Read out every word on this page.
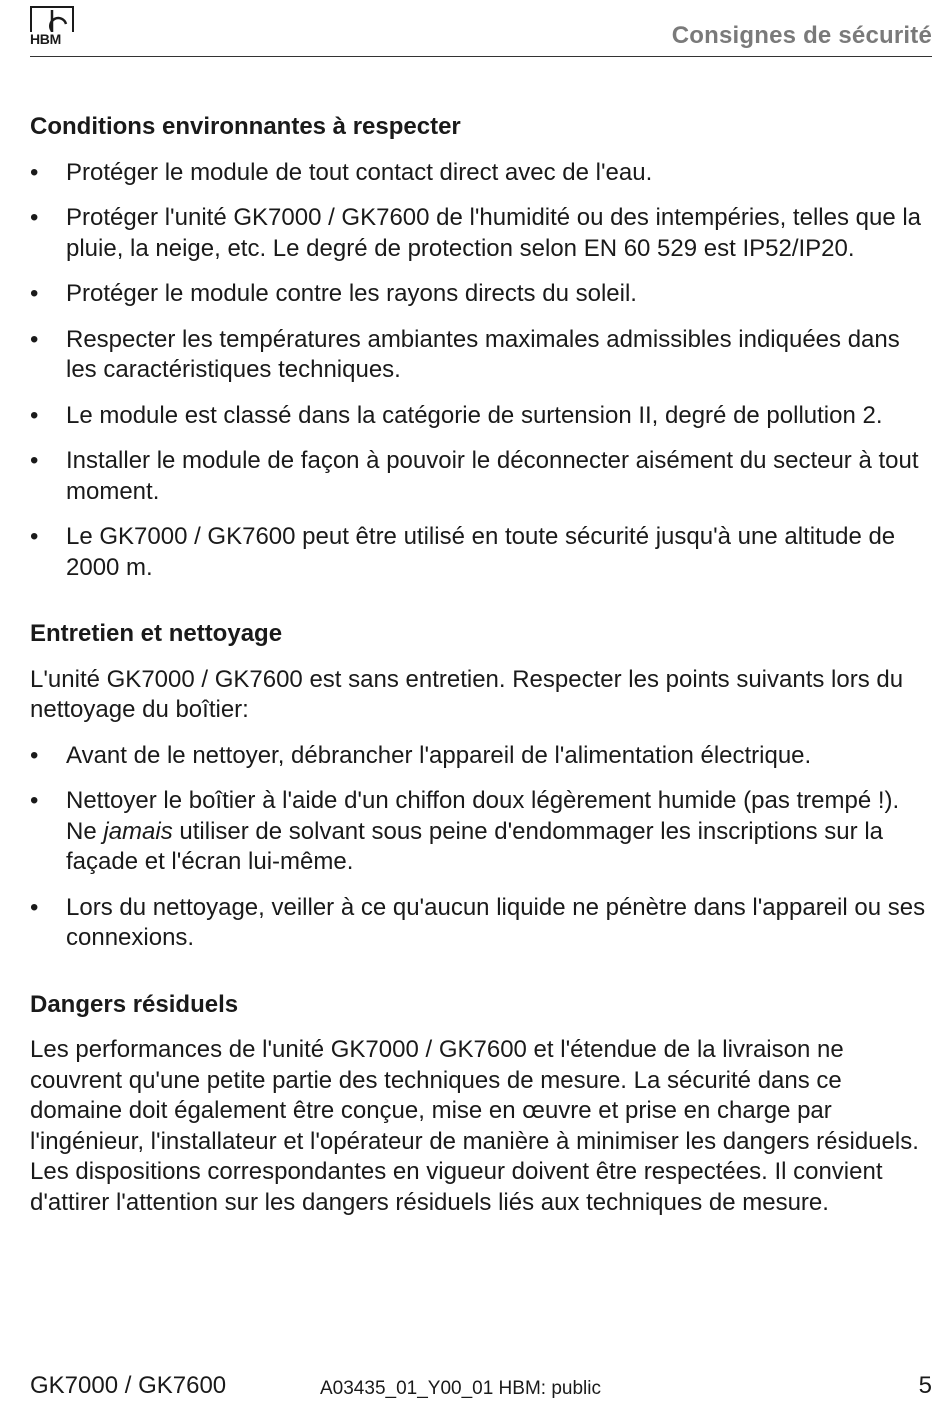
HBM	Consignes de sécurité
Conditions environnantes à respecter
• Protéger le module de tout contact direct avec de l'eau.
• Protéger l'unité GK7000 / GK7600 de l'humidité ou des intempéries, telles que la pluie, la neige, etc. Le degré de protection selon EN 60 529 est IP52/IP20.
• Protéger le module contre les rayons directs du soleil.
• Respecter les températures ambiantes maximales admissibles indiquées dans les caractéristiques techniques.
• Le module est classé dans la catégorie de surtension II, degré de pollution 2.
• Installer le module de façon à pouvoir le déconnecter aisément du secteur à tout moment.
• Le GK7000 / GK7600 peut être utilisé en toute sécurité jusqu'à une altitude de 2000 m.
Entretien et nettoyage

L'unité GK7000 / GK7600 est sans entretien. Respecter les points suivants lors du nettoyage du boîtier:

• Avant de le nettoyer, débrancher l'appareil de l'alimentation électrique.
• Nettoyer le boîtier à l'aide d'un chiffon doux légèrement humide (pas trempé !). Ne jamais utiliser de solvant sous peine d'endommager les inscriptions sur la façade et l'écran lui-même.
• Lors du nettoyage, veiller à ce qu'aucun liquide ne pénètre dans l'appareil ou ses connexions.
Dangers résiduels

Les performances de l'unité GK7000 / GK7600 et l'étendue de la livraison ne couvrent qu'une petite partie des techniques de mesure. La sécurité dans ce domaine doit également être conçue, mise en œuvre et prise en charge par l'ingénieur, l'installateur et l'opérateur de manière à minimiser les dangers résiduels. Les dispositions correspondantes en vigueur doivent être respectées. Il convient d'attirer l'attention sur les dangers résiduels liés aux techniques de mesure.

GK7000 / GK7600	A03435_01_Y00_01 HBM: public	5
